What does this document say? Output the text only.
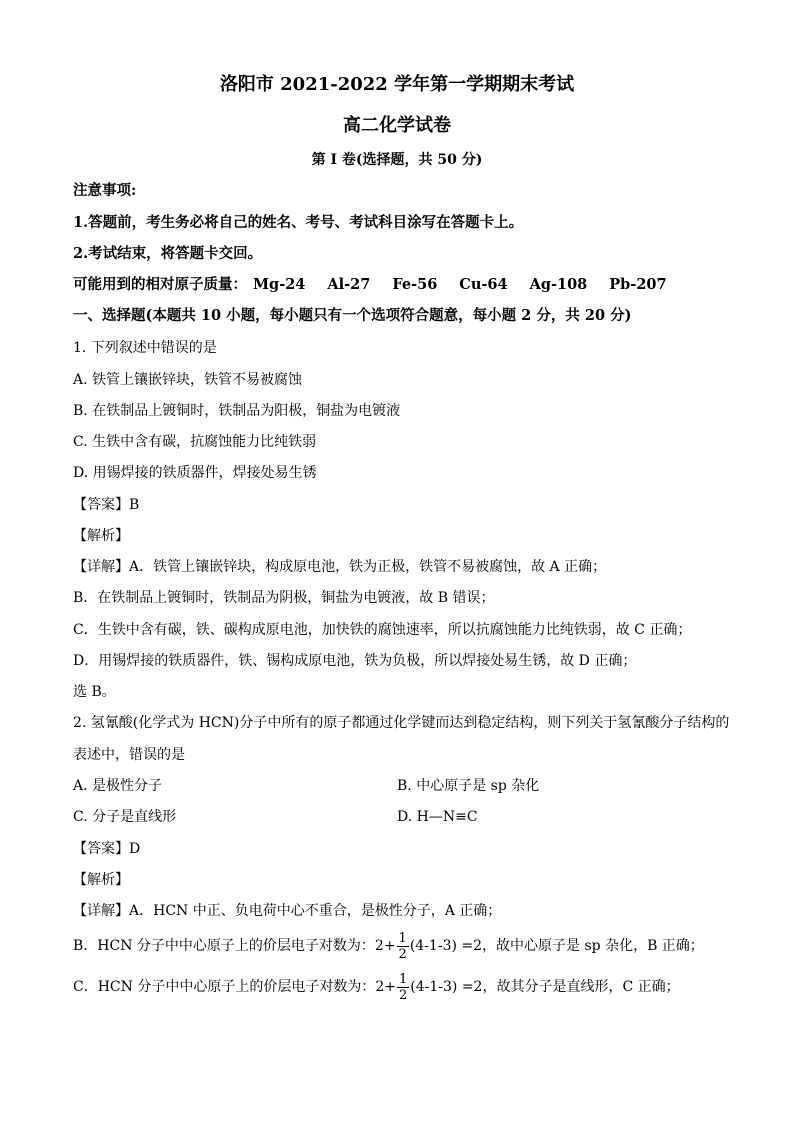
洛阳市 2021-2022 学年第一学期期末考试
高二化学试卷
第 I 卷(选择题，共 50 分)
注意事项:
1.答题前，考生务必将自己的姓名、考号、考试科目涂写在答题卡上。
2.考试结束，将答题卡交回。
可能用到的相对原子质量： Mg-24 Al-27 Fe-56 Cu-64 Ag-108 Pb-207
一、选择题(本题共 10 小题，每小题只有一个选项符合题意，每小题 2 分，共 20 分)
1. 下列叙述中错误的是
A. 铁管上镶嵌锌块，铁管不易被腐蚀
B. 在铁制品上镀铜时，铁制品为阳极，铜盐为电镀液
C. 生铁中含有碳，抗腐蚀能力比纯铁弱
D. 用锡焊接的铁质器件，焊接处易生锈
【答案】B
【解析】
【详解】A．铁管上镶嵌锌块，构成原电池，铁为正极，铁管不易被腐蚀，故 A 正确；
B．在铁制品上镀铜时，铁制品为阴极，铜盐为电镀液，故 B 错误；
C．生铁中含有碳，铁、碳构成原电池，加快铁的腐蚀速率，所以抗腐蚀能力比纯铁弱，故 C 正确；
D．用锡焊接的铁质器件，铁、锡构成原电池，铁为负极，所以焊接处易生锈，故 D 正确；
选 B。
2. 氢氰酸(化学式为 HCN)分子中所有的原子都通过化学键而达到稳定结构，则下列关于氢氰酸分子结构的
表述中，错误的是
A. 是极性分子	B. 中心原子是 sp 杂化
C. 分子是直线形	D. H—N≡C
【答案】D
【解析】
【详解】A．HCN 中正、负电荷中心不重合，是极性分子，A 正确；
B．HCN 分子中中心原子上的价层电子对数为：$2+ \frac{1}{2} (4-1-3) =2$，故中心原子是 sp 杂化，B 正确；
C．HCN 分子中中心原子上的价层电子对数为：$2+ \frac{1}{2} (4-1-3) =2$，故其分子是直线形，C 正确；
